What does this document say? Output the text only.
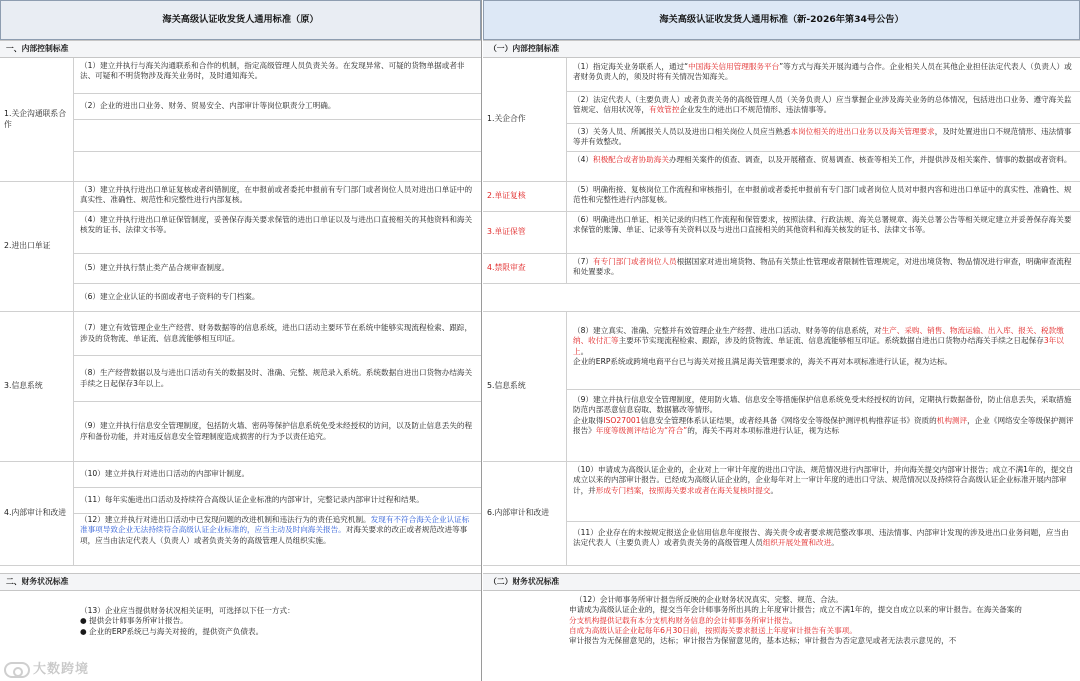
海关高级认证收发货人通用标准（原）
一、内部控制标准
1.关企沟通联系合作
（1）建立并执行与海关沟通联系和合作的机制，指定高级管理人员负责关务。在发现异常、可疑的货物单据或者非法、可疑和不明货物涉及海关业务时，及时通知海关。
（2）企业的进出口业务、财务、贸易安全、内部审计等岗位职责分工明确。
2.进出口单证
（3）建立并执行进出口单证复核或者纠错制度，在申报前或者委托申报前有专门部门或者岗位人员对进出口单证中的真实性、准确性、规范性和完整性进行内部复核。
（4）建立并执行进出口单证保管制度，妥善保存海关要求保管的进出口单证以及与进出口直接相关的其他资料和海关核发的证书、法律文书等。
（5）建立并执行禁止类产品合规审查制度。
（6）建立企业认证的书面或者电子资料的专门档案。
3.信息系统
（7）建立有效管理企业生产经营、财务数据等的信息系统，进出口活动主要环节在系统中能够实现流程检索、跟踪，涉及的货物流、单证流、信息流能够相互印证。
（8）生产经营数据以及与进出口活动有关的数据及时、准确、完整、规范录入系统。系统数据自进出口货物办结海关手续之日起保存3年以上。
（9）建立并执行信息安全管理制度，包括防火墙、密码等保护信息系统免受未经授权的访问，以及防止信息丢失的程序和备份功能，并对违反信息安全管理制度造成损害的行为予以责任追究。
4.内部审计和改进
（10）建立并执行对进出口活动的内部审计制度。
（11）每年实施进出口活动及持续符合高级认证企业标准的内部审计，完整记录内部审计过程和结果。
（12）建立并执行对进出口活动中已发现问题的改进机制和违法行为的责任追究机制。发现有不符合海关企业认证标准事项导致企业无法持续符合高级认证企业标准的，应当主动及时向海关报告。对海关要求的改正或者规范改进等事项，应当由法定代表人（负责人）或者负责关务的高级管理人员组织实施。
二、财务状况标准

（13）企业应当提供财务状况相关证明，可选择以下任一方式：

● 提供会计师事务所审计报告。

● 企业的ERP系统已与海关对接的，提供资产负债表。

大数跨境
海关高级认证收发货人通用标准（新-2026年第34号公告）
（一）内部控制标准
1.关企合作
（1）指定海关业务联系人，通过“中国海关信用管理服务平台”等方式与海关开展沟通与合作。企业相关人员在其他企业担任法定代表人（负责人）或者财务负责人的，须及时将有关情况告知海关。
（2）法定代表人（主要负责人）或者负责关务的高级管理人员（关务负责人）应当掌握企业涉及海关业务的总体情况，包括进出口业务、遵守海关监管规定、信用状况等，有效管控企业发生的进出口不规范情形、违法情事等。
（3）关务人员、所属报关人员以及进出口相关岗位人员应当熟悉本岗位相关的进出口业务以及海关管理要求，及时处置进出口不规范情形、违法情事等并有效整改。
（4）积极配合或者协助海关办理相关案件的侦查、调查，以及开展稽查、贸易调查、核查等相关工作，并提供涉及相关案件、情事的数据或者资料。
2.单证复核
（5）明确衔接、复核岗位工作流程和审核指引，在申报前或者委托申报前有专门部门或者岗位人员对申报内容和进出口单证中的真实性、准确性、规范性和完整性进行内部复核。
3.单证保管
（6）明确进出口单证、相关记录的归档工作流程和保管要求，按照法律、行政法规、海关总署规章、海关总署公告等相关规定建立并妥善保存海关要求保管的账簿、单证、记录等有关资料以及与进出口直接相关的其他资料和海关核发的证书、法律文书等。
4.禁限审查
（7）有专门部门或者岗位人员根据国家对进出境货物、物品有关禁止性管理或者限制性管理规定，对进出境货物、物品情况进行审查，明确审查流程和处置要求。
5.信息系统

（8）建立真实、准确、完整并有效管理企业生产经营、进出口活动、财务等的信息系统，对生产、采购、销售、物流运输、出入库、报关、税款缴纳、收付汇等主要环节实现流程检索、跟踪，涉及的货物流、单证流、信息流能够相互印证。系统数据自进出口货物办结海关手续之日起保存3年以上。

企业的ERP系统或跨境电商平台已与海关对接且满足海关管理要求的，海关不再对本项标准进行认证，视为达标。

（9）建立并执行信息安全管理制度，使用防火墙、信息安全等措施保护信息系统免受未经授权的访问，定期执行数据备份，防止信息丢失，采取措施防范内部恶意信息窃取、数据篡改等情形。

企业取得ISO27001信息安全管理体系认证结果，或者经具备《网络安全等级保护测评机构推荐证书》资质的机构测评，企业《网络安全等级保护测评报告》年度等级测评结论为“符合”的，海关不再对本项标准进行认证，视为达标

6.内部审计和改进
（10）申请成为高级认证企业的，企业对上一审计年度的进出口守法、规范情况进行内部审计，并向海关提交内部审计报告；成立不满1年的，提交自成立以来的内部审计报告。已经成为高级认证企业的，企业每年对上一审计年度的进出口守法、规范情况以及持续符合高级认证企业标准开展内部审计，并形成专门档案，按照海关要求或者在海关复核时提交。
（11）企业存在的未按规定报送企业信用信息年度报告、海关责令或者要求规范整改事项、违法情事、内部审计发现的涉及进出口业务问题，应当由法定代表人（主要负责人）或者负责关务的高级管理人员组织开展处置和改进。
（二）财务状况标准

（12）会计师事务所审计报告所反映的企业财务状况真实、完整、规范、合法。

申请成为高级认证企业的，提交当年会计师事务所出具的上年度审计报告；成立不满1年的，提交自成立以来的审计报告。在海关备案的

分支机构提供记载有本分支机构财务信息的会计师事务所审计报告。

自成为高级认证企业起每年6月30日前，按照海关要求报送上年度审计报告有关事项。

审计报告为无保留意见的，达标；审计报告为保留意见的，基本达标；审计报告为否定意见或者无法表示意见的，不
